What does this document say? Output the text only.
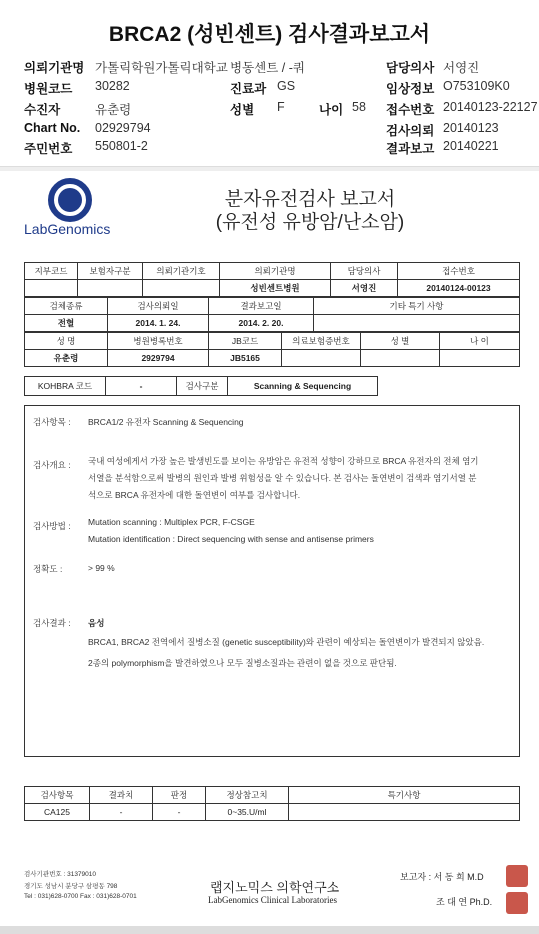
BRCA2 (성빈센트) 검사결과보고서
의뢰기관명 가톨릭학원가톨릭대학교 병동센트 / -쿼	담당의사 서영진
병원코드 30282	진료과 GS	임상정보 O753109K0
수진자	유춘령	성별 F	나이 58 접수번호 20140123-22127
Chart No. 02929794	검사의뢰 20140123
주민번호 550801-2	결과보고 20140221
LabGenomics
분자유전검사 보고서
(유전성 유방암/난소암)
지부코드	보험자구분	의뢰기관기호	의뢰기관명	담당의사	접수번호
			성빈센트병원	서영진	20140124-00123
검체종류	검사의뢰일	결과보고일	기타 특기 사항
전혈	2014. 1. 24.	2014. 2. 20.	
성 명	병원병록번호	JB코드	의료보험증번호	성 별	나 이
유춘령	2929794	JB5165			
KOHBRA 코드	-	검사구분	Scanning & Sequencing
검사항목 : BRCA1/2 유전자 Scanning & Sequencing
검사개요 : 국내 여성에게서 가장 높은 발생빈도를 보이는 유방암은 유전적 성향이 강하므로 BRCA 유전자의 전체 염기
서열을 분석함으로써 발병의 원인과 발병 위험성을 알 수 있습니다. 본 검사는 돌연변이 검색과 염기서열 분
석으로 BRCA 유전자에 대한 돌연변이 여부를 검사합니다.
검사방법 : Mutation scanning : Multiplex PCR, F-CSGE
Mutation identification : Direct sequencing with sense and antisense primers
정확도 :	> 99 %
검사결과 : 음성
BRCA1, BRCA2 전역에서 질병소질 (genetic susceptibility)와 관련이 예상되는 돌연변이가 발견되지 않았음.
2종의 polymorphism을 발견하였으나 모두 질병소질과는 관련이 없을 것으로 판단됨.
검사항목	결과치	판정	정상참고치	특기사항
CA125	-	-	0~35.U/ml	
검사기관번호 : 31379010
경기도 성남시 분당구 삼평동 798
Tel : 031)628-0700 Fax : 031)628-0701
랩지노믹스 의학연구소
LabGenomics Clinical Laboratories
보고자 : 서 동 희 M.D
조 대 연 Ph.D.
